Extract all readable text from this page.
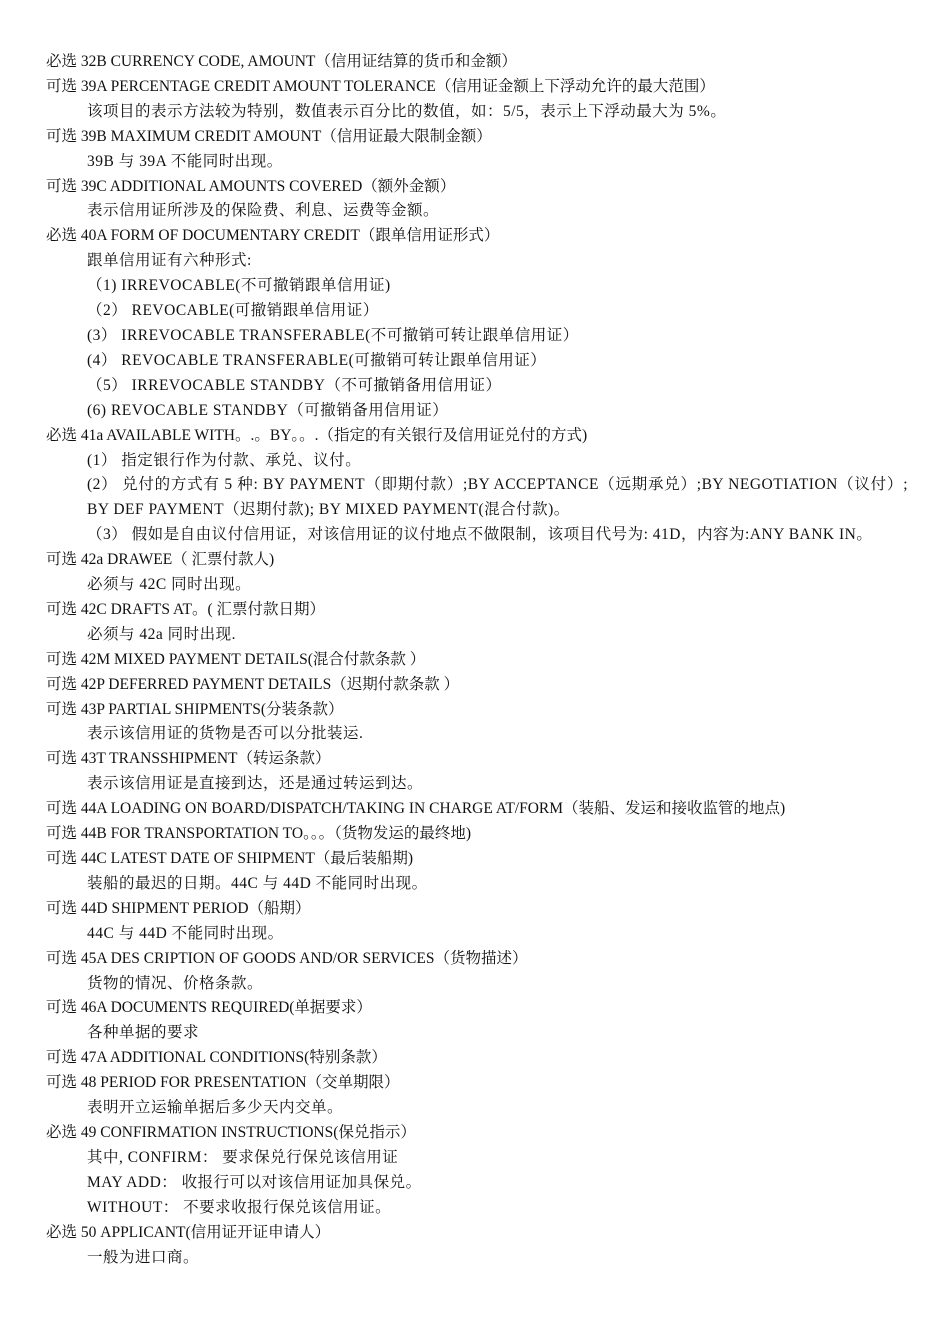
必选 32B CURRENCY CODE, AMOUNT（信用证结算的货币和金额）
可选 39A PERCENTAGE CREDIT AMOUNT TOLERANCE（信用证金额上下浮动允许的最大范围）
该项目的表示方法较为特别，数值表示百分比的数值，如：5/5，表示上下浮动最大为 5%。
可选 39B MAXIMUM CREDIT AMOUNT（信用证最大限制金额）
39B 与 39A 不能同时出现。
可选 39C ADDITIONAL AMOUNTS COVERED（额外金额）
表示信用证所涉及的保险费、利息、运费等金额。
必选 40A FORM OF DOCUMENTARY CREDIT（跟单信用证形式）
跟单信用证有六种形式:
（1) IRREVOCABLE(不可撤销跟单信用证)
（2） REVOCABLE(可撤销跟单信用证）
(3） IRREVOCABLE TRANSFERABLE(不可撤销可转让跟单信用证）
(4） REVOCABLE TRANSFERABLE(可撤销可转让跟单信用证）
（5） IRREVOCABLE STANDBY（不可撤销备用信用证）
(6) REVOCABLE STANDBY（可撤销备用信用证）
必选 41a AVAILABLE WITH。.。BY。。.（指定的有关银行及信用证兑付的方式)
(1） 指定银行作为付款、承兑、议付。
(2） 兑付的方式有 5 种: BY PAYMENT（即期付款）;BY ACCEPTANCE（远期承兑）;BY NEGOTIATION（议付）; BY DEF PAYMENT（迟期付款); BY MIXED PAYMENT(混合付款)。
（3） 假如是自由议付信用证，对该信用证的议付地点不做限制，该项目代号为: 41D，内容为:ANY BANK IN。
可选 42a DRAWEE（ 汇票付款人)
必须与 42C 同时出现。
可选 42C DRAFTS AT。( 汇票付款日期）
必须与 42a 同时出现.
可选 42M MIXED PAYMENT DETAILS(混合付款条款 ）
可选 42P DEFERRED PAYMENT DETAILS（迟期付款条款 ）
可选 43P PARTIAL SHIPMENTS(分装条款）
表示该信用证的货物是否可以分批装运.
可选 43T TRANSSHIPMENT（转运条款）
表示该信用证是直接到达，还是通过转运到达。
可选 44A LOADING ON BOARD/DISPATCH/TAKING IN CHARGE AT/FORM（装船、发运和接收监管的地点)
可选 44B FOR TRANSPORTATION TO。。。（货物发运的最终地)
可选 44C LATEST DATE OF SHIPMENT（最后装船期)
装船的最迟的日期。44C 与 44D 不能同时出现。
可选 44D SHIPMENT PERIOD（船期）
44C 与 44D 不能同时出现。
可选 45A DES CRIPTION OF GOODS AND/OR SERVICES（货物描述）
货物的情况、价格条款。
可选 46A DOCUMENTS REQUIRED(单据要求）
各种单据的要求
可选 47A ADDITIONAL CONDITIONS(特别条款）
可选 48 PERIOD FOR PRESENTATION（交单期限）
表明开立运输单据后多少天内交单。
必选 49 CONFIRMATION INSTRUCTIONS(保兑指示）
其中, CONFIRM： 要求保兑行保兑该信用证
MAY ADD： 收报行可以对该信用证加具保兑。
WITHOUT： 不要求收报行保兑该信用证。
必选 50 APPLICANT(信用证开证申请人）
一般为进口商。
